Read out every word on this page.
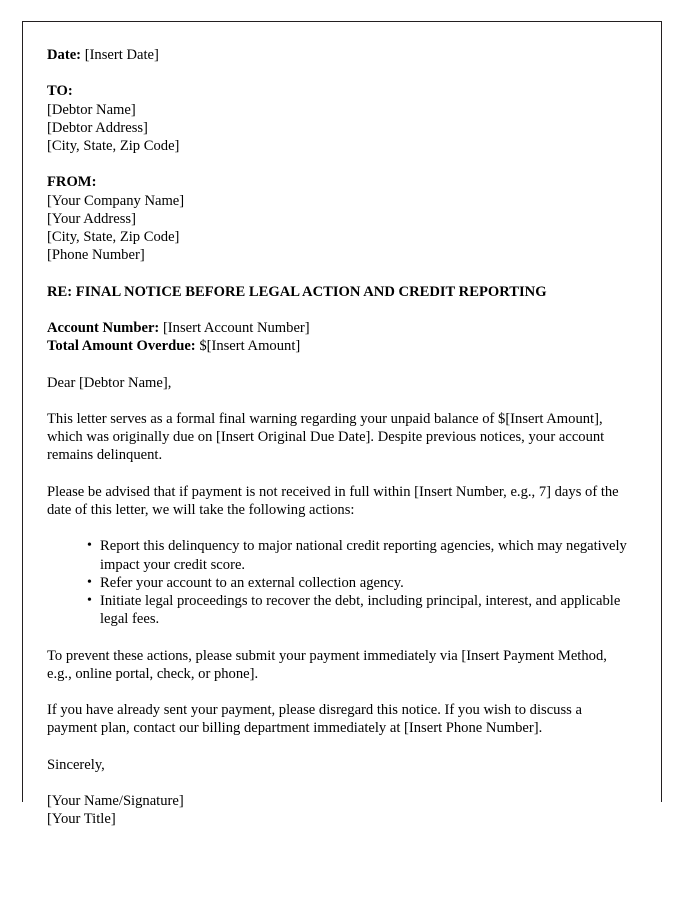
Date: [Insert Date]
TO:
[Debtor Name]
[Debtor Address]
[City, State, Zip Code]
FROM:
[Your Company Name]
[Your Address]
[City, State, Zip Code]
[Phone Number]
RE: FINAL NOTICE BEFORE LEGAL ACTION AND CREDIT REPORTING
Account Number: [Insert Account Number]
Total Amount Overdue: $[Insert Amount]
Dear [Debtor Name],

This letter serves as a formal final warning regarding your unpaid balance of $[Insert Amount], which was originally due on [Insert Original Due Date]. Despite previous notices, your account remains delinquent.

Please be advised that if payment is not received in full within [Insert Number, e.g., 7] days of the date of this letter, we will take the following actions:

• Report this delinquency to major national credit reporting agencies, which may negatively impact your credit score.
• Refer your account to an external collection agency.
• Initiate legal proceedings to recover the debt, including principal, interest, and applicable legal fees.

To prevent these actions, please submit your payment immediately via [Insert Payment Method, e.g., online portal, check, or phone].

If you have already sent your payment, please disregard this notice. If you wish to discuss a payment plan, contact our billing department immediately at [Insert Phone Number].

Sincerely,
[Your Name/Signature]
[Your Title]
